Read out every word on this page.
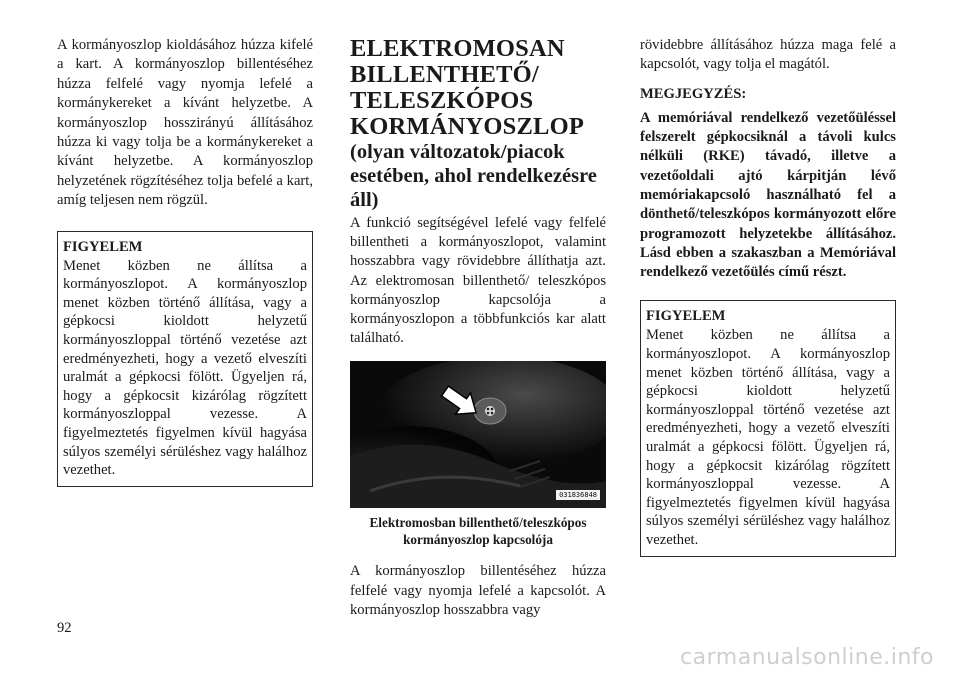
A kormányoszlop kioldásához húzza kifelé a kart. A kormányoszlop billentéséhez húzza felfelé vagy nyomja lefelé a kormánykereket a kívánt helyzetbe. A kormányoszlop hosszirányú állításához húzza ki vagy tolja be a kormánykereket a kívánt helyzetbe. A kormányoszlop helyzetének rögzítéséhez tolja befelé a kart, amíg teljesen nem rögzül.

FIGYELEM
Menet közben ne állítsa a kormányoszlopot. A kormányoszlop menet közben történő állítása, vagy a gépkocsi kioldott helyzetű kormányoszloppal történő vezetése azt eredményezheti, hogy a vezető elveszíti uralmát a gépkocsi fölött. Ügyeljen rá, hogy a gépkocsit kizárólag rögzített kormányoszloppal vezesse. A figyelmeztetés figyelmen kívül hagyása súlyos személyi sérüléshez vagy halálhoz vezethet.
ELEKTROMOSAN BILLENTHETŐ/ TELESZKÓPOS KORMÁNYOSZLOP
(olyan változatok/piacok esetében, ahol rendelkezésre áll)

A funkció segítségével lefelé vagy felfelé billentheti a kormányoszlopot, valamint hosszabbra vagy rövidebbre állíthatja azt. Az elektromosan billenthető/ teleszkópos kormányoszlop kapcsolója a kormányoszlopon a többfunkciós kar alatt található.

031836848
Elektromosban billenthető/teleszkópos kormányoszlop kapcsolója

A kormányoszlop billentéséhez húzza felfelé vagy nyomja lefelé a kapcsolót. A kormányoszlop hosszabbra vagy

rövidebbre állításához húzza maga felé a kapcsolót, vagy tolja el magától.

MEGJEGYZÉS:
A memóriával rendelkező vezetőüléssel felszerelt gépkocsiknál a távoli kulcs nélküli (RKE) távadó, illetve a vezetőoldali ajtó kárpitján lévő memóriakapcsoló használható fel a dönthető/teleszkópos kormányozott előre programozott helyzetekbe állításához. Lásd ebben a szakaszban a Memóriával rendelkező vezetőülés című részt.
FIGYELEM
Menet közben ne állítsa a kormányoszlopot. A kormányoszlop menet közben történő állítása, vagy a gépkocsi kioldott helyzetű kormányoszloppal történő vezetése azt eredményezheti, hogy a vezető elveszíti uralmát a gépkocsi fölött. Ügyeljen rá, hogy a gépkocsit kizárólag rögzített kormányoszloppal vezesse. A figyelmeztetés figyelmen kívül hagyása súlyos személyi sérüléshez vagy halálhoz vezethet.
92
carmanualsonline.info
